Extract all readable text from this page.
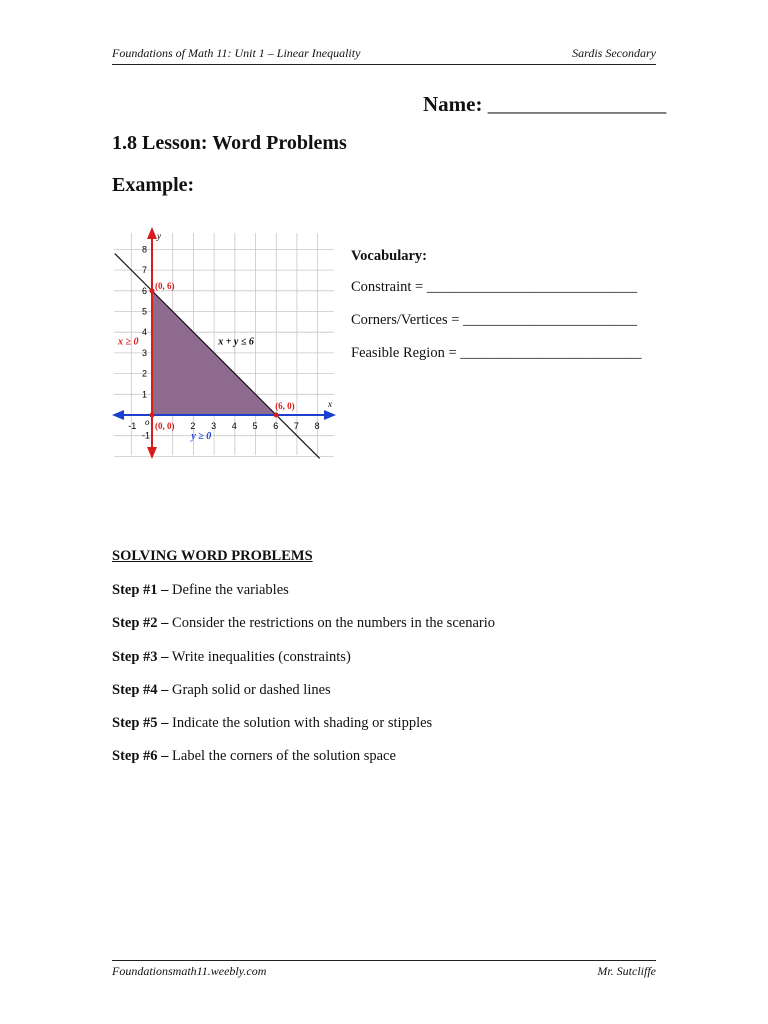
Foundations of Math 11: Unit 1 – Linear Inequality	Sardis Secondary
Name: _________________
1.8 Lesson: Word Problems
Example:
-1	2 3 4 5 6 7 8
8
7
6
5
4
3
2
1
-1
x
y
o
(0, 6)
(6, 0)
(0, 0)
x + y ≤ 6
x ≥ 0
y ≥ 0
Vocabulary:
Constraint = _____________________________
Corners/Vertices = ________________________
Feasible Region = _________________________
SOLVING WORD PROBLEMS
Step #1 – Define the variables
Step #2 – Consider the restrictions on the numbers in the scenario
Step #3 – Write inequalities (constraints)
Step #4 – Graph solid or dashed lines
Step #5 – Indicate the solution with shading or stipples
Step #6 – Label the corners of the solution space
Foundationsmath11.weebly.com	Mr. Sutcliffe
